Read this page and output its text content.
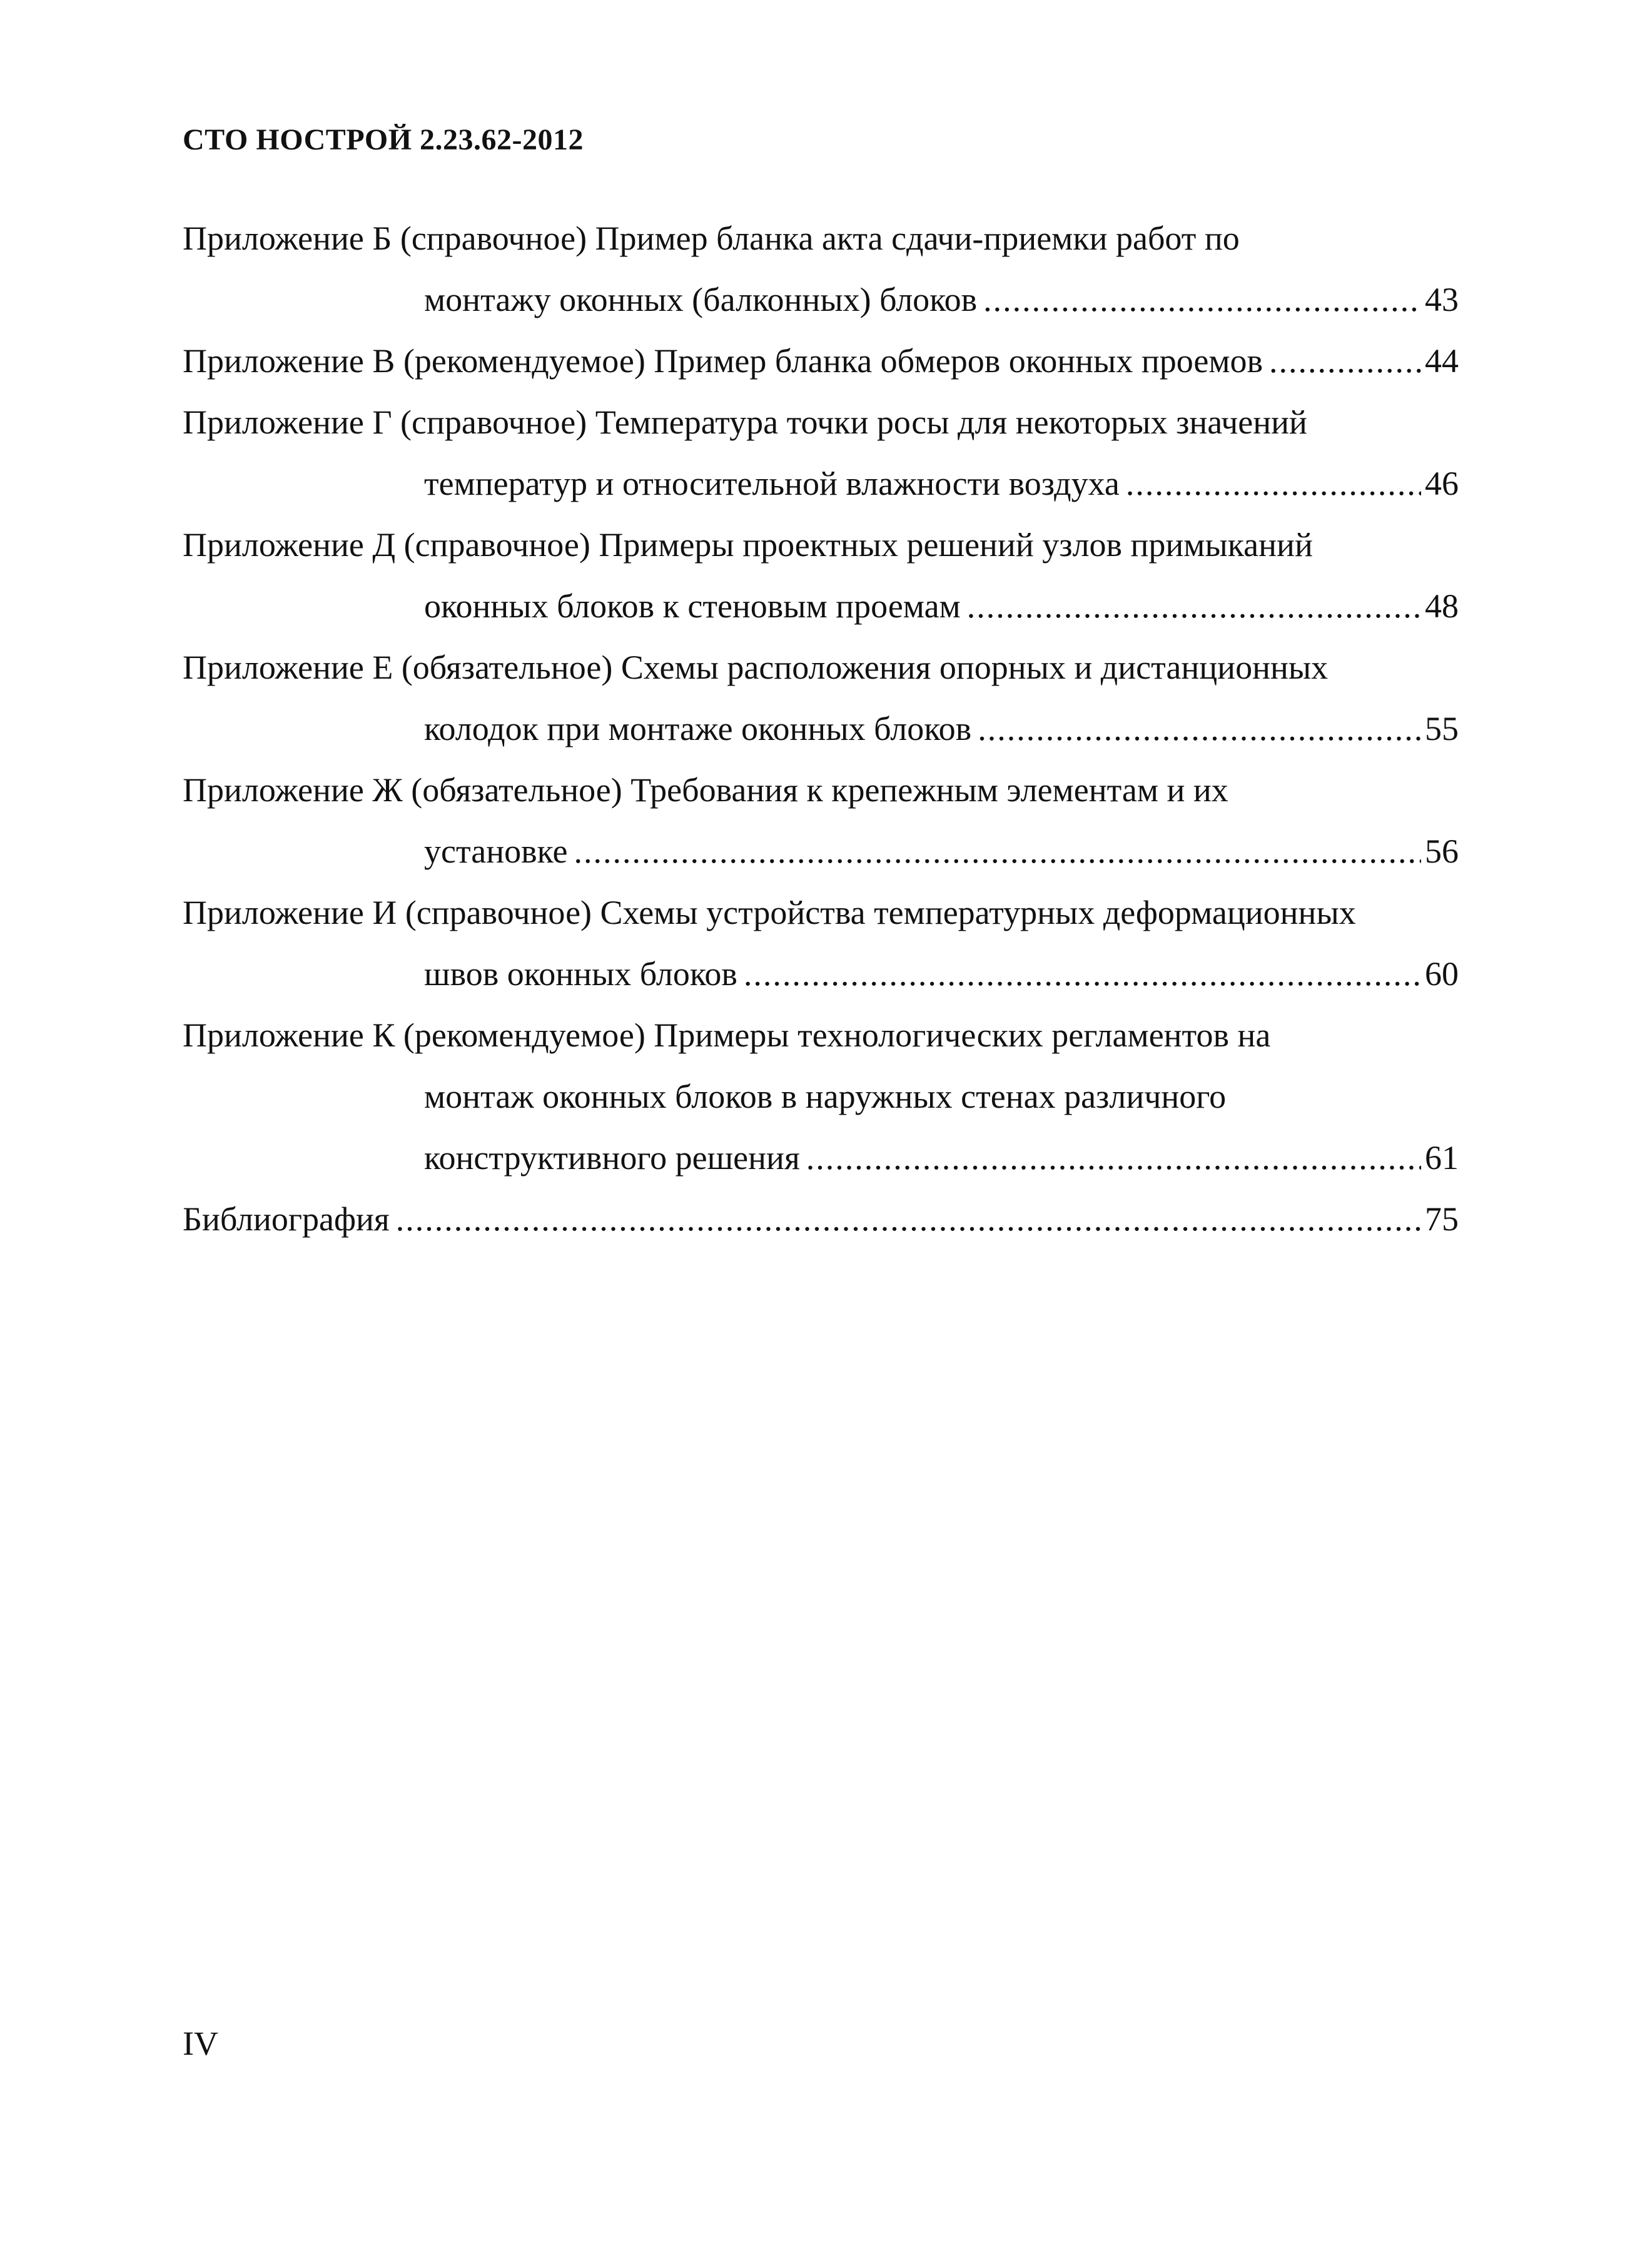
СТО НОСТРОЙ 2.23.62-2012
Приложение Б (справочное) Пример бланка акта сдачи-приемки работ по
монтажу оконных (балконных) блоков .....	43
Приложение В (рекомендуемое) Пример бланка обмеров оконных проемов .....	44
Приложение Г (справочное) Температура точки росы для некоторых значений
температур и относительной влажности воздуха .....	46
Приложение Д (справочное) Примеры проектных решений узлов примыканий
оконных блоков к стеновым проемам .....	48
Приложение Е (обязательное) Схемы расположения опорных и дистанционных
колодок при монтаже оконных блоков .....	55
Приложение Ж (обязательное) Требования к крепежным элементам и их
установке .....	56
Приложение И (справочное) Схемы устройства температурных деформационных
швов оконных блоков .....	60
Приложение К (рекомендуемое) Примеры технологических регламентов на
монтаж оконных блоков в наружных стенах различного
конструктивного решения .....	61
Библиография .....	75
IV
